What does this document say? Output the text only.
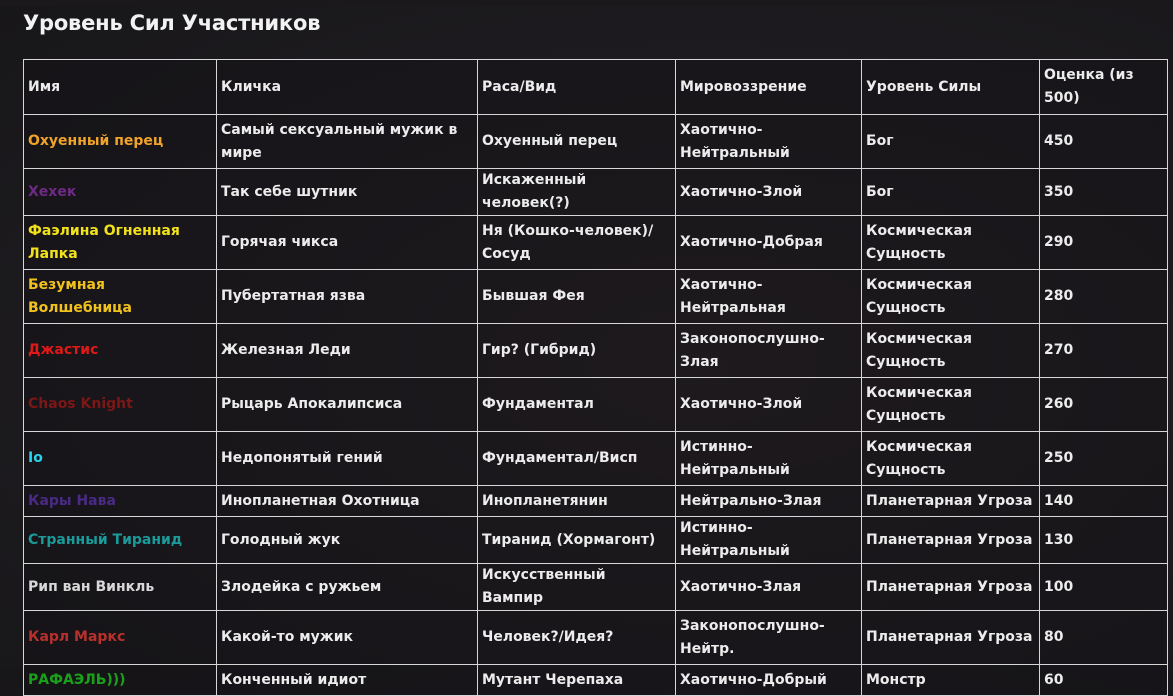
Уровень Сил Участников
Имя	Кличка	Раса/Вид	Мировоззрение	Уровень Силы	Оценка (из 500)
Охуенный перец	Самый сексуальный мужик в мире	Охуенный перец	Хаотично-Нейтральный	Бог	450
Хехек	Так себе шутник	Искаженный человек(?)	Хаотично-Злой	Бог	350
Фаэлина Огненная Лапка	Горячая чикса	Ня (Кошко-человек)/ Сосуд	Хаотично-Добрая	Космическая Сущность	290
Безумная Волшебница	Пубертатная язва	Бывшая Фея	Хаотично-Нейтральная	Космическая Сущность	280
Джастис	Железная Леди	Гир? (Гибрид)	Законопослушно-Злая	Космическая Сущность	270
Chaos Knight	Рыцарь Апокалипсиса	Фундаментал	Хаотично-Злой	Космическая Сущность	260
Io	Недопонятый гений	Фундаментал/Висп	Истинно-Нейтральный	Космическая Сущность	250
Кары Нава	Инопланетная Охотница	Инопланетянин	Нейтрально-Злая	Планетарная Угроза	140
Странный Тиранид	Голодный жук	Тиранид (Хормагонт)	Истинно-Нейтральный	Планетарная Угроза	130
Рип ван Винкль	Злодейка с ружьем	Искусственный Вампир	Хаотично-Злая	Планетарная Угроза	100
Карл Маркс	Какой-то мужик	Человек?/Идея?	Законопослушно-Нейтр.	Планетарная Угроза	80
РАФАЭЛЬ)))	Конченный идиот	Мутант Черепаха	Хаотично-Добрый	Монстр	60
